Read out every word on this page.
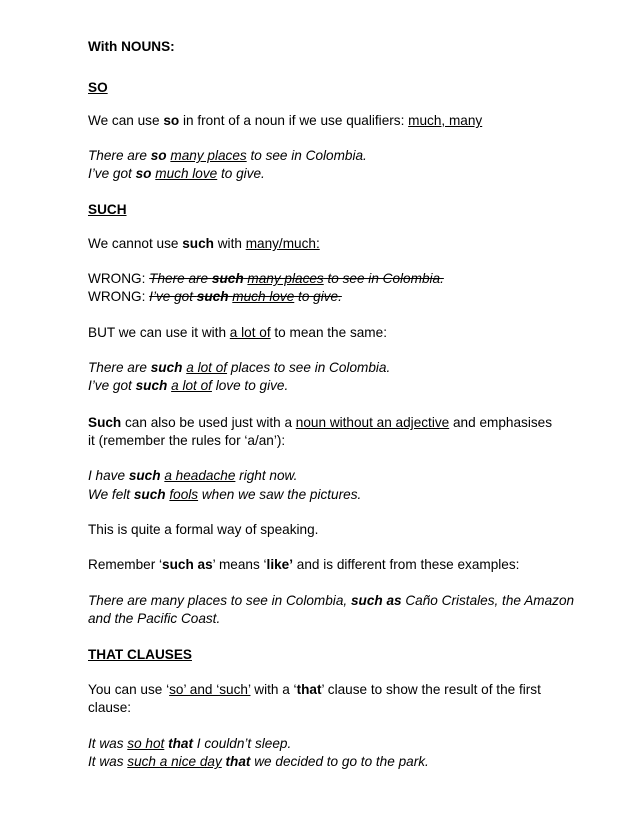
With NOUNS:
SO
We can use so in front of a noun if we use qualifiers: much, many
There are so many places to see in Colombia.
I’ve got so much love to give.
SUCH
We cannot use such with many/much:
WRONG: There are such many places to see in Colombia.
WRONG: I’ve got such much love to give.
BUT we can use it with a lot of to mean the same:
There are such a lot of places to see in Colombia.
I’ve got such a lot of love to give.
Such can also be used just with a noun without an adjective and emphasises
it (remember the rules for ‘a/an’):
I have such a headache right now.
We felt such fools when we saw the pictures.
This is quite a formal way of speaking.
Remember ‘such as’ means ‘like’ and is different from these examples:
There are many places to see in Colombia, such as Caño Cristales, the Amazon
and the Pacific Coast.
THAT CLAUSES
You can use ‘so’ and ‘such’ with a ‘that’ clause to show the result of the first
clause:
It was so hot that I couldn’t sleep.
It was such a nice day that we decided to go to the park.
